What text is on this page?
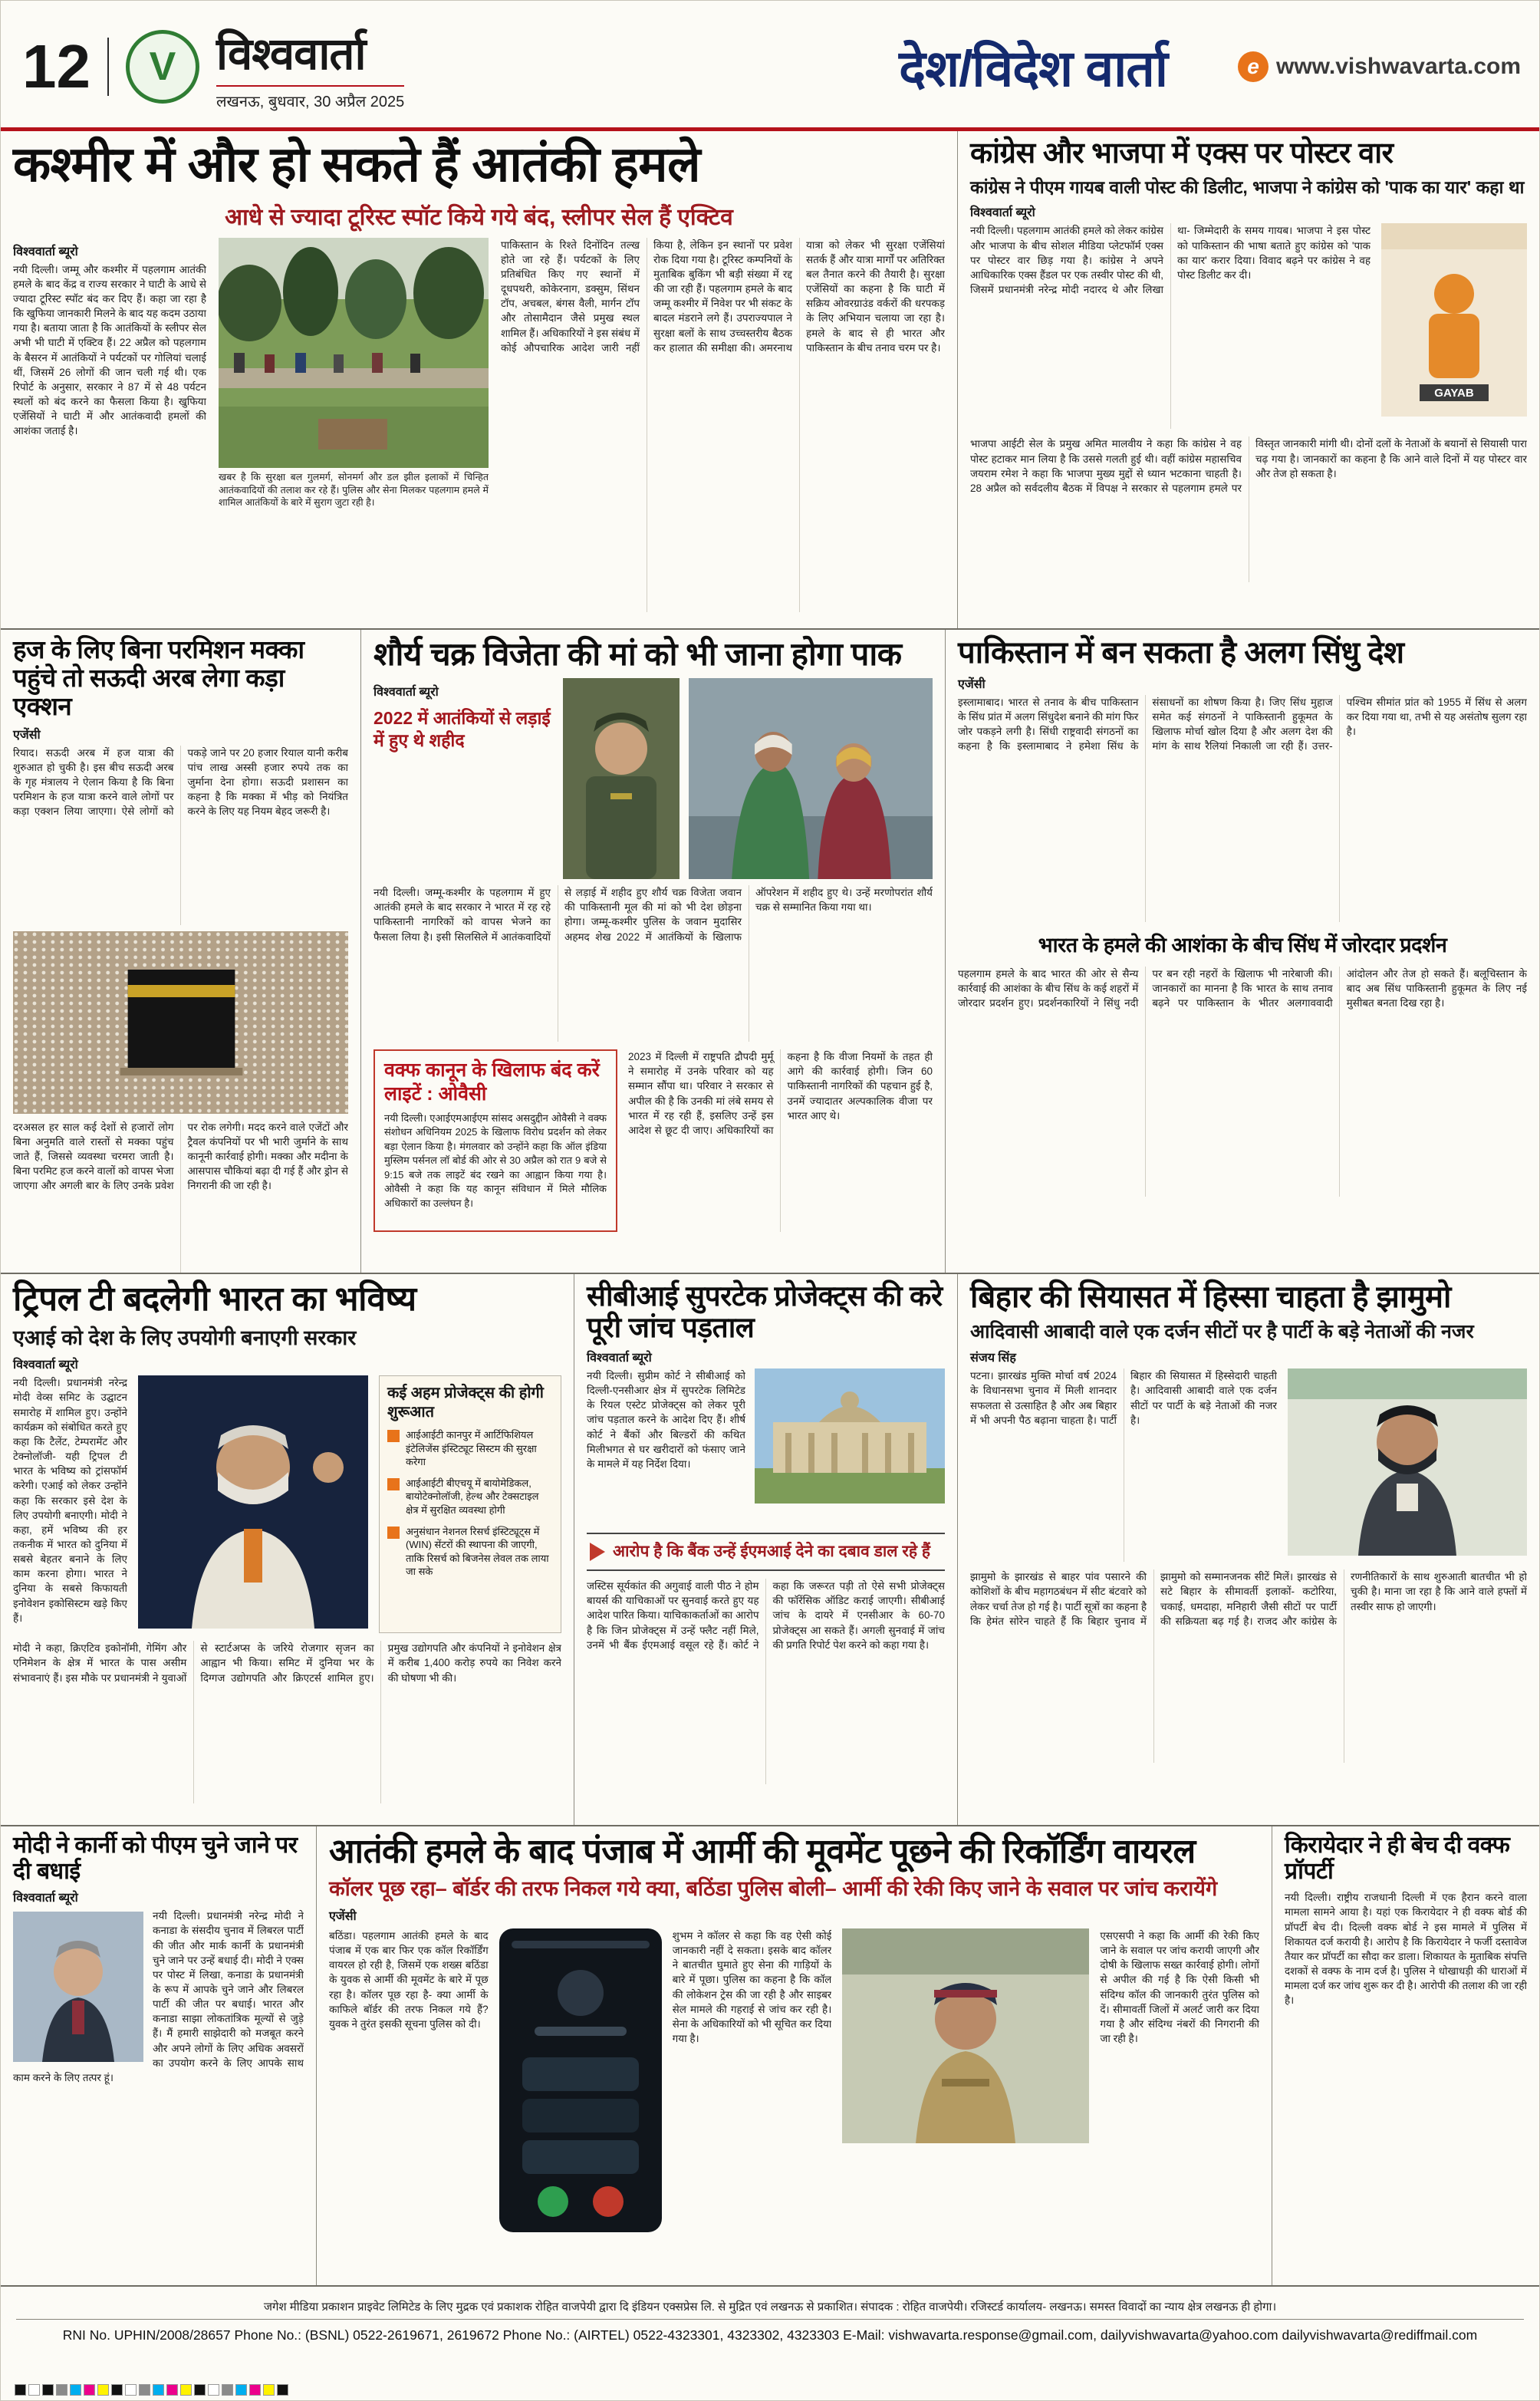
12	V विश्ववार्ता
लखनऊ, बुधवार, 30 अप्रैल 2025
देश/विदेश वार्ता	e www.vishwavarta.com
कश्मीर में और हो सकते हैं आतंकी हमले
आधे से ज्यादा टूरिस्ट स्पॉट किये गये बंद, स्लीपर सेल हैं एक्टिव
विश्ववार्ता ब्यूरो
नयी दिल्ली। जम्मू और कश्मीर में पहलगाम आतंकी हमले के बाद केंद्र व राज्य सरकार ने घाटी के आधे से ज्यादा टूरिस्ट स्पॉट बंद कर दिए हैं। कहा जा रहा है कि खुफिया जानकारी मिलने के बाद यह कदम उठाया गया है। बताया जाता है कि आतंकियों के स्लीपर सेल अभी भी घाटी में एक्टिव हैं। 22 अप्रैल को पहलगाम के बैसरन में आतंकियों ने पर्यटकों पर गोलियां चलाई थीं, जिसमें 26 लोगों की जान चली गई थी। एक रिपोर्ट के अनुसार, सरकार ने 87 में से 48 पर्यटन स्थलों को बंद करने का फैसला किया है। खुफिया एजेंसियों ने घाटी में और आतंकवादी हमलों की आशंका जताई है।
खबर है कि सुरक्षा बल गुलमर्ग, सोनमर्ग और डल झील इलाकों में चिन्हित आतंकवादियों की तलाश कर रहे हैं। पुलिस और सेना मिलकर पहलगाम हमले में शामिल आतंकियों के बारे में सुराग जुटा रही है।
पाकिस्तान के रिश्ते दिनोंदिन तल्ख होते जा रहे हैं। पर्यटकों के लिए प्रतिबंधित किए गए स्थानों में दूधपथरी, कोकेरनाग, डक्सुम, सिंथन टॉप, अचबल, बंगस वैली, मार्गन टॉप और तोसामैदान जैसे प्रमुख स्थल शामिल हैं। अधिकारियों ने इस संबंध में कोई औपचारिक आदेश जारी नहीं किया है, लेकिन इन स्थानों पर प्रवेश रोक दिया गया है। टूरिस्ट कम्पनियों के मुताबिक बुकिंग भी बड़ी संख्या में रद्द की जा रही हैं। पहलगाम हमले के बाद जम्मू कश्मीर में निवेश पर भी संकट के बादल मंडराने लगे हैं। उपराज्यपाल ने सुरक्षा बलों के साथ उच्चस्तरीय बैठक कर हालात की समीक्षा की। अमरनाथ यात्रा को लेकर भी सुरक्षा एजेंसियां सतर्क हैं और यात्रा मार्गों पर अतिरिक्त बल तैनात करने की तैयारी है। सुरक्षा एजेंसियों का कहना है कि घाटी में सक्रिय ओवरग्राउंड वर्करों की धरपकड़ के लिए अभियान चलाया जा रहा है। हमले के बाद से ही भारत और पाकिस्तान के बीच तनाव चरम पर है।
कांग्रेस और भाजपा में एक्स पर पोस्टर वार
कांग्रेस ने पीएम गायब वाली पोस्ट की डिलीट, भाजपा ने कांग्रेस को 'पाक का यार' कहा था
विश्ववार्ता ब्यूरो
नयी दिल्ली। पहलगाम आतंकी हमले को लेकर कांग्रेस और भाजपा के बीच सोशल मीडिया प्लेटफॉर्म एक्स पर पोस्टर वार छिड़ गया है। कांग्रेस ने अपने आधिकारिक एक्स हैंडल पर एक तस्वीर पोस्ट की थी, जिसमें प्रधानमंत्री नरेन्द्र मोदी नदारद थे और लिखा था- जिम्मेदारी के समय गायब। भाजपा ने इस पोस्ट को पाकिस्तान की भाषा बताते हुए कांग्रेस को 'पाक का यार' करार दिया। विवाद बढ़ने पर कांग्रेस ने वह पोस्ट डिलीट कर दी।
GAYAB
भाजपा आईटी सेल के प्रमुख अमित मालवीय ने कहा कि कांग्रेस ने वह पोस्ट हटाकर मान लिया है कि उससे गलती हुई थी। वहीं कांग्रेस महासचिव जयराम रमेश ने कहा कि भाजपा मुख्य मुद्दों से ध्यान भटकाना चाहती है। 28 अप्रैल को सर्वदलीय बैठक में विपक्ष ने सरकार से पहलगाम हमले पर विस्तृत जानकारी मांगी थी। दोनों दलों के नेताओं के बयानों से सियासी पारा चढ़ गया है। जानकारों का कहना है कि आने वाले दिनों में यह पोस्टर वार और तेज हो सकता है।
हज के लिए बिना परमिशन मक्का पहुंचे तो सऊदी अरब लेगा कड़ा एक्शन
एजेंसी
रियाद। सऊदी अरब में हज यात्रा की शुरुआत हो चुकी है। इस बीच सऊदी अरब के गृह मंत्रालय ने ऐलान किया है कि बिना परमिशन के हज यात्रा करने वाले लोगों पर कड़ा एक्शन लिया जाएगा। ऐसे लोगों को पकड़े जाने पर 20 हजार रियाल यानी करीब पांच लाख अस्सी हजार रुपये तक का जुर्माना देना होगा। सऊदी प्रशासन का कहना है कि मक्का में भीड़ को नियंत्रित करने के लिए यह नियम बेहद जरूरी है।
दरअसल हर साल कई देशों से हजारों लोग बिना अनुमति वाले रास्तों से मक्का पहुंच जाते हैं, जिससे व्यवस्था चरमरा जाती है। बिना परमिट हज करने वालों को वापस भेजा जाएगा और अगली बार के लिए उनके प्रवेश पर रोक लगेगी। मदद करने वाले एजेंटों और ट्रैवल कंपनियों पर भी भारी जुर्माने के साथ कानूनी कार्रवाई होगी। मक्का और मदीना के आसपास चौकियां बढ़ा दी गई हैं और ड्रोन से निगरानी की जा रही है।
शौर्य चक्र विजेता की मां को भी जाना होगा पाक
विश्ववार्ता ब्यूरो
2022 में आतंकियों से लड़ाई में हुए थे शहीद
नयी दिल्ली। जम्मू-कश्मीर के पहलगाम में हुए आतंकी हमले के बाद सरकार ने भारत में रह रहे पाकिस्तानी नागरिकों को वापस भेजने का फैसला लिया है। इसी सिलसिले में आतंकवादियों से लड़ाई में शहीद हुए शौर्य चक्र विजेता जवान की पाकिस्तानी मूल की मां को भी देश छोड़ना होगा। जम्मू-कश्मीर पुलिस के जवान मुदासिर अहमद शेख 2022 में आतंकियों के खिलाफ ऑपरेशन में शहीद हुए थे। उन्हें मरणोपरांत शौर्य चक्र से सम्मानित किया गया था।
वक्फ कानून के खिलाफ बंद करें लाइटें : ओवैसी
नयी दिल्ली। एआईएमआईएम सांसद असदुद्दीन ओवैसी ने वक्फ संशोधन अधिनियम 2025 के खिलाफ विरोध प्रदर्शन को लेकर बड़ा ऐलान किया है। मंगलवार को उन्होंने कहा कि ऑल इंडिया मुस्लिम पर्सनल लॉ बोर्ड की ओर से 30 अप्रैल को रात 9 बजे से 9:15 बजे तक लाइटें बंद रखने का आह्वान किया गया है। ओवैसी ने कहा कि यह कानून संविधान में मिले मौलिक अधिकारों का उल्लंघन है।
2023 में दिल्ली में राष्ट्रपति द्रौपदी मुर्मू ने समारोह में उनके परिवार को यह सम्मान सौंपा था। परिवार ने सरकार से अपील की है कि उनकी मां लंबे समय से भारत में रह रही हैं, इसलिए उन्हें इस आदेश से छूट दी जाए। अधिकारियों का कहना है कि वीजा नियमों के तहत ही आगे की कार्रवाई होगी। जिन 60 पाकिस्तानी नागरिकों की पहचान हुई है, उनमें ज्यादातर अल्पकालिक वीजा पर भारत आए थे।
पाकिस्तान में बन सकता है अलग सिंधु देश
एजेंसी
इस्लामाबाद। भारत से तनाव के बीच पाकिस्तान के सिंध प्रांत में अलग सिंधुदेश बनाने की मांग फिर जोर पकड़ने लगी है। सिंधी राष्ट्रवादी संगठनों का कहना है कि इस्लामाबाद ने हमेशा सिंध के संसाधनों का शोषण किया है। जिए सिंध मुहाज समेत कई संगठनों ने पाकिस्तानी हुकूमत के खिलाफ मोर्चा खोल दिया है और अलग देश की मांग के साथ रैलियां निकाली जा रही हैं। उत्तर-पश्चिम सीमांत प्रांत को 1955 में सिंध से अलग कर दिया गया था, तभी से यह असंतोष सुलग रहा है।
भारत के हमले की आशंका के बीच सिंध में जोरदार प्रदर्शन
पहलगाम हमले के बाद भारत की ओर से सैन्य कार्रवाई की आशंका के बीच सिंध के कई शहरों में जोरदार प्रदर्शन हुए। प्रदर्शनकारियों ने सिंधु नदी पर बन रही नहरों के खिलाफ भी नारेबाजी की। जानकारों का मानना है कि भारत के साथ तनाव बढ़ने पर पाकिस्तान के भीतर अलगाववादी आंदोलन और तेज हो सकते हैं। बलूचिस्तान के बाद अब सिंध पाकिस्तानी हुकूमत के लिए नई मुसीबत बनता दिख रहा है।
ट्रिपल टी बदलेगी भारत का भविष्य
एआई को देश के लिए उपयोगी बनाएगी सरकार
विश्ववार्ता ब्यूरो
नयी दिल्ली। प्रधानमंत्री नरेन्द्र मोदी वेव्स समिट के उद्घाटन समारोह में शामिल हुए। उन्होंने कार्यक्रम को संबोधित करते हुए कहा कि टैलेंट, टेम्परामेंट और टेक्नोलॉजी- यही ट्रिपल टी भारत के भविष्य को ट्रांसफॉर्म करेगी। एआई को लेकर उन्होंने कहा कि सरकार इसे देश के लिए उपयोगी बनाएगी। मोदी ने कहा, हमें भविष्य की हर तकनीक में भारत को दुनिया में सबसे बेहतर बनाने के लिए काम करना होगा। भारत ने दुनिया के सबसे किफायती इनोवेशन इकोसिस्टम खड़े किए हैं।
कई अहम प्रोजेक्ट्स की होगी शुरूआत
आईआईटी कानपुर में आर्टिफिशियल इंटेलिजेंस इंस्टिट्यूट सिस्टम की सुरक्षा करेगा
आईआईटी बीएचयू में बायोमेडिकल, बायोटेक्नोलॉजी, हेल्थ और टेक्सटाइल क्षेत्र में सुरक्षित व्यवस्था होगी
अनुसंधान नेशनल रिसर्च इंस्टिट्यूट्स में (WIN) सेंटरों की स्थापना की जाएगी, ताकि रिसर्च को बिजनेस लेवल तक लाया जा सके
मोदी ने कहा, क्रिएटिव इकोनॉमी, गेमिंग और एनिमेशन के क्षेत्र में भारत के पास असीम संभावनाएं हैं। इस मौके पर प्रधानमंत्री ने युवाओं से स्टार्टअप्स के जरिये रोजगार सृजन का आह्वान भी किया। समिट में दुनिया भर के दिग्गज उद्योगपति और क्रिएटर्स शामिल हुए। प्रमुख उद्योगपति और कंपनियों ने इनोवेशन क्षेत्र में करीब 1,400 करोड़ रुपये का निवेश करने की घोषणा भी की।
सीबीआई सुपरटेक प्रोजेक्ट्स की करे पूरी जांच पड़ताल
विश्ववार्ता ब्यूरो
नयी दिल्ली। सुप्रीम कोर्ट ने सीबीआई को दिल्ली-एनसीआर क्षेत्र में सुपरटेक लिमिटेड के रियल एस्टेट प्रोजेक्ट्स को लेकर पूरी जांच पड़ताल करने के आदेश दिए हैं। शीर्ष कोर्ट ने बैंकों और बिल्डरों की कथित मिलीभगत से घर खरीदारों को फंसाए जाने के मामले में यह निर्देश दिया।
आरोप है कि बैंक उन्हें ईएमआई देने का दबाव डाल रहे हैं
जस्टिस सूर्यकांत की अगुवाई वाली पीठ ने होम बायर्स की याचिकाओं पर सुनवाई करते हुए यह आदेश पारित किया। याचिकाकर्ताओं का आरोप है कि जिन प्रोजेक्ट्स में उन्हें फ्लैट नहीं मिले, उनमें भी बैंक ईएमआई वसूल रहे हैं। कोर्ट ने कहा कि जरूरत पड़ी तो ऐसे सभी प्रोजेक्ट्स की फॉरेंसिक ऑडिट कराई जाएगी। सीबीआई जांच के दायरे में एनसीआर के 60-70 प्रोजेक्ट्स आ सकते हैं। अगली सुनवाई में जांच की प्रगति रिपोर्ट पेश करने को कहा गया है।
बिहार की सियासत में हिस्सा चाहता है झामुमो
आदिवासी आबादी वाले एक दर्जन सीटों पर है पार्टी के बड़े नेताओं की नजर
संजय सिंह
पटना। झारखंड मुक्ति मोर्चा वर्ष 2024 के विधानसभा चुनाव में मिली शानदार सफलता से उत्साहित है और अब बिहार में भी अपनी पैठ बढ़ाना चाहता है। पार्टी बिहार की सियासत में हिस्सेदारी चाहती है। आदिवासी आबादी वाले एक दर्जन सीटों पर पार्टी के बड़े नेताओं की नजर है।
झामुमो के झारखंड से बाहर पांव पसारने की कोशिशों के बीच महागठबंधन में सीट बंटवारे को लेकर चर्चा तेज हो गई है। पार्टी सूत्रों का कहना है कि हेमंत सोरेन चाहते हैं कि बिहार चुनाव में झामुमो को सम्मानजनक सीटें मिलें। झारखंड से सटे बिहार के सीमावर्ती इलाकों- कटोरिया, चकाई, धमदाहा, मनिहारी जैसी सीटों पर पार्टी की सक्रियता बढ़ गई है। राजद और कांग्रेस के रणनीतिकारों के साथ शुरुआती बातचीत भी हो चुकी है। माना जा रहा है कि आने वाले हफ्तों में तस्वीर साफ हो जाएगी।
मोदी ने कार्नी को पीएम चुने जाने पर दी बधाई
विश्ववार्ता ब्यूरो
नयी दिल्ली। प्रधानमंत्री नरेन्द्र मोदी ने कनाडा के संसदीय चुनाव में लिबरल पार्टी की जीत और मार्क कार्नी के प्रधानमंत्री चुने जाने पर उन्हें बधाई दी। मोदी ने एक्स पर पोस्ट में लिखा, कनाडा के प्रधानमंत्री के रूप में आपके चुने जाने और लिबरल पार्टी की जीत पर बधाई। भारत और कनाडा साझा लोकतांत्रिक मूल्यों से जुड़े हैं। मैं हमारी साझेदारी को मजबूत करने और अपने लोगों के लिए अधिक अवसरों का उपयोग करने के लिए आपके साथ काम करने के लिए तत्पर हूं।
आतंकी हमले के बाद पंजाब में आर्मी की मूवमेंट पूछने की रिकॉर्डिंग वायरल
कॉलर पूछ रहा– बॉर्डर की तरफ निकल गये क्या, बठिंडा पुलिस बोली– आर्मी की रेकी किए जाने के सवाल पर जांच करायेंगे
एजेंसी
बठिंडा। पहलगाम आतंकी हमले के बाद पंजाब में एक बार फिर एक कॉल रिकॉर्डिंग वायरल हो रही है, जिसमें एक शख्स बठिंडा के युवक से आर्मी की मूवमेंट के बारे में पूछ रहा है। कॉलर पूछ रहा है- क्या आर्मी के काफिले बॉर्डर की तरफ निकल गये हैं? युवक ने तुरंत इसकी सूचना पुलिस को दी।
शुभम ने कॉलर से कहा कि वह ऐसी कोई जानकारी नहीं दे सकता। इसके बाद कॉलर ने बातचीत घुमाते हुए सेना की गाड़ियों के बारे में पूछा। पुलिस का कहना है कि कॉल की लोकेशन ट्रेस की जा रही है और साइबर सेल मामले की गहराई से जांच कर रही है। सेना के अधिकारियों को भी सूचित कर दिया गया है।
एसएसपी ने कहा कि आर्मी की रेकी किए जाने के सवाल पर जांच करायी जाएगी और दोषी के खिलाफ सख्त कार्रवाई होगी। लोगों से अपील की गई है कि ऐसी किसी भी संदिग्ध कॉल की जानकारी तुरंत पुलिस को दें। सीमावर्ती जिलों में अलर्ट जारी कर दिया गया है और संदिग्ध नंबरों की निगरानी की जा रही है।
किरायेदार ने ही बेच दी वक्फ प्रॉपर्टी
नयी दिल्ली। राष्ट्रीय राजधानी दिल्ली में एक हैरान करने वाला मामला सामने आया है। यहां एक किरायेदार ने ही वक्फ बोर्ड की प्रॉपर्टी बेच दी। दिल्ली वक्फ बोर्ड ने इस मामले में पुलिस में शिकायत दर्ज करायी है। आरोप है कि किरायेदार ने फर्जी दस्तावेज तैयार कर प्रॉपर्टी का सौदा कर डाला। शिकायत के मुताबिक संपत्ति दशकों से वक्फ के नाम दर्ज है। पुलिस ने धोखाधड़ी की धाराओं में मामला दर्ज कर जांच शुरू कर दी है। आरोपी की तलाश की जा रही है।
जगेश मीडिया प्रकाशन प्राइवेट लिमिटेड के लिए मुद्रक एवं प्रकाशक रोहित वाजपेयी द्वारा दि इंडियन एक्सप्रेस लि. से मुद्रित एवं लखनऊ से प्रकाशित। संपादक : रोहित वाजपेयी। रजिस्टर्ड कार्यालय- लखनऊ। समस्त विवादों का न्याय क्षेत्र लखनऊ ही होगा।
RNI No. UPHIN/2008/28657 Phone No.: (BSNL) 0522-2619671, 2619672 Phone No.: (AIRTEL) 0522-4323301, 4323302, 4323303 E-Mail: vishwavarta.response@gmail.com, dailyvishwavarta@yahoo.com dailyvishwavarta@rediffmail.com
